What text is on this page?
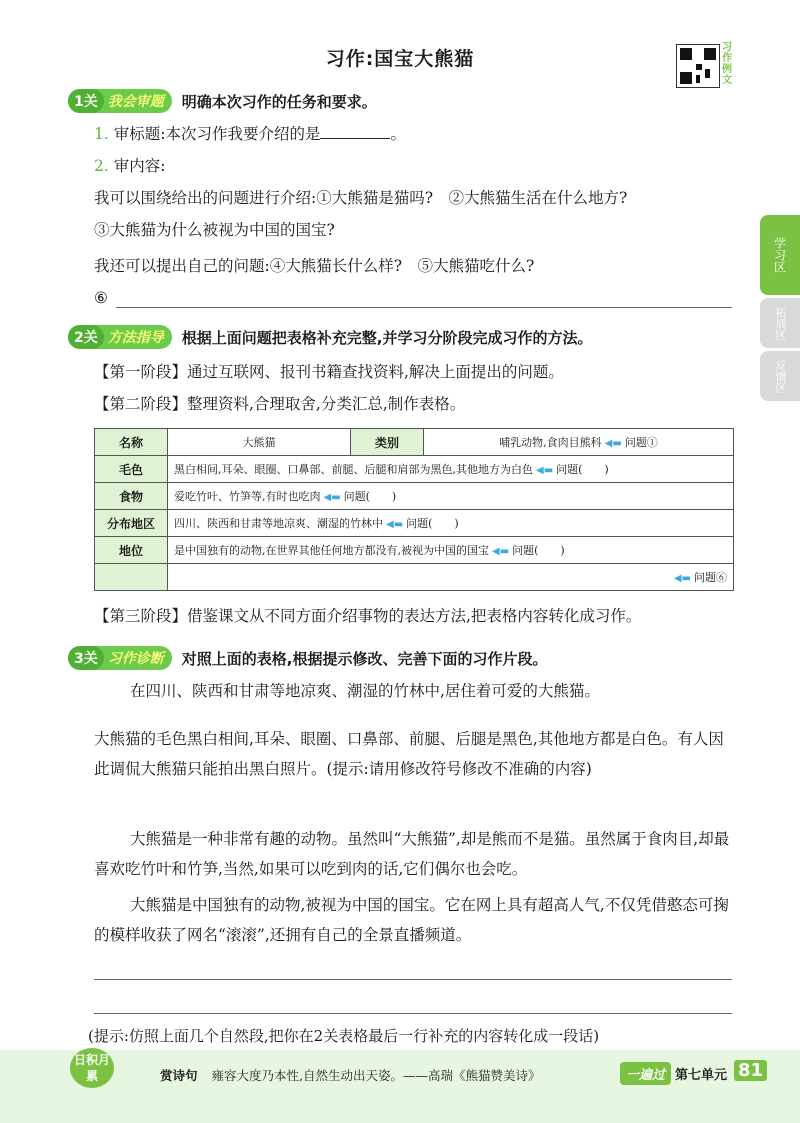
习作:国宝大熊猫
习作例文
学习区
拓展区
反馈区
1关 我会审题 明确本次习作的任务和要求。
1. 审标题:本次习作我要介绍的是	。
2. 审内容:
我可以围绕给出的问题进行介绍:①大熊猫是猫吗?　②大熊猫生活在什么地方?
③大熊猫为什么被视为中国的国宝?
我还可以提出自己的问题:④大熊猫长什么样?　⑤大熊猫吃什么?
⑥
2关 方法指导 根据上面问题把表格补充完整,并学习分阶段完成习作的方法。
【第一阶段】通过互联网、报刊书籍查找资料,解决上面提出的问题。
【第二阶段】整理资料,合理取舍,分类汇总,制作表格。
名称	大熊猫	类别	哺乳动物,食肉目熊科 ◀▬ 问题①
毛色	黑白相间,耳朵、眼圈、口鼻部、前腿、后腿和肩部为黑色,其他地方为白色 ◀▬ 问题(　　)		
食物	爱吃竹叶、竹笋等,有时也吃肉 ◀▬ 问题(　　)		
分布地区	四川、陕西和甘肃等地凉爽、潮湿的竹林中 ◀▬ 问题(　　)		
地位	是中国独有的动物,在世界其他任何地方都没有,被视为中国的国宝 ◀▬ 问题(　　)		
	◀▬ 问题⑥		
【第三阶段】借鉴课文从不同方面介绍事物的表达方法,把表格内容转化成习作。
3关 习作诊断 对照上面的表格,根据提示修改、完善下面的习作片段。
在四川、陕西和甘肃等地凉爽、潮湿的竹林中,居住着可爱的大熊猫。
大熊猫的毛色黑白相间,耳朵、眼圈、口鼻部、前腿、后腿是黑色,其他地方都是白色。有人因此调侃大熊猫只能拍出黑白照片。(提示:请用修改符号修改不准确的内容)
大熊猫是一种非常有趣的动物。虽然叫“大熊猫”,却是熊而不是猫。虽然属于食肉目,却最喜欢吃竹叶和竹笋,当然,如果可以吃到肉的话,它们偶尔也会吃。
大熊猫是中国独有的动物,被视为中国的国宝。它在网上具有超高人气,不仅凭借憨态可掬的模样收获了网名“滚滚”,还拥有自己的全景直播频道。
(提示:仿照上面几个自然段,把你在2关表格最后一行补充的内容转化成一段话)
日积月累	赏诗句 雍容大度乃本性,自然生动出天姿。——高瑞《熊猫赞美诗》	一遍过 第七单元 81
